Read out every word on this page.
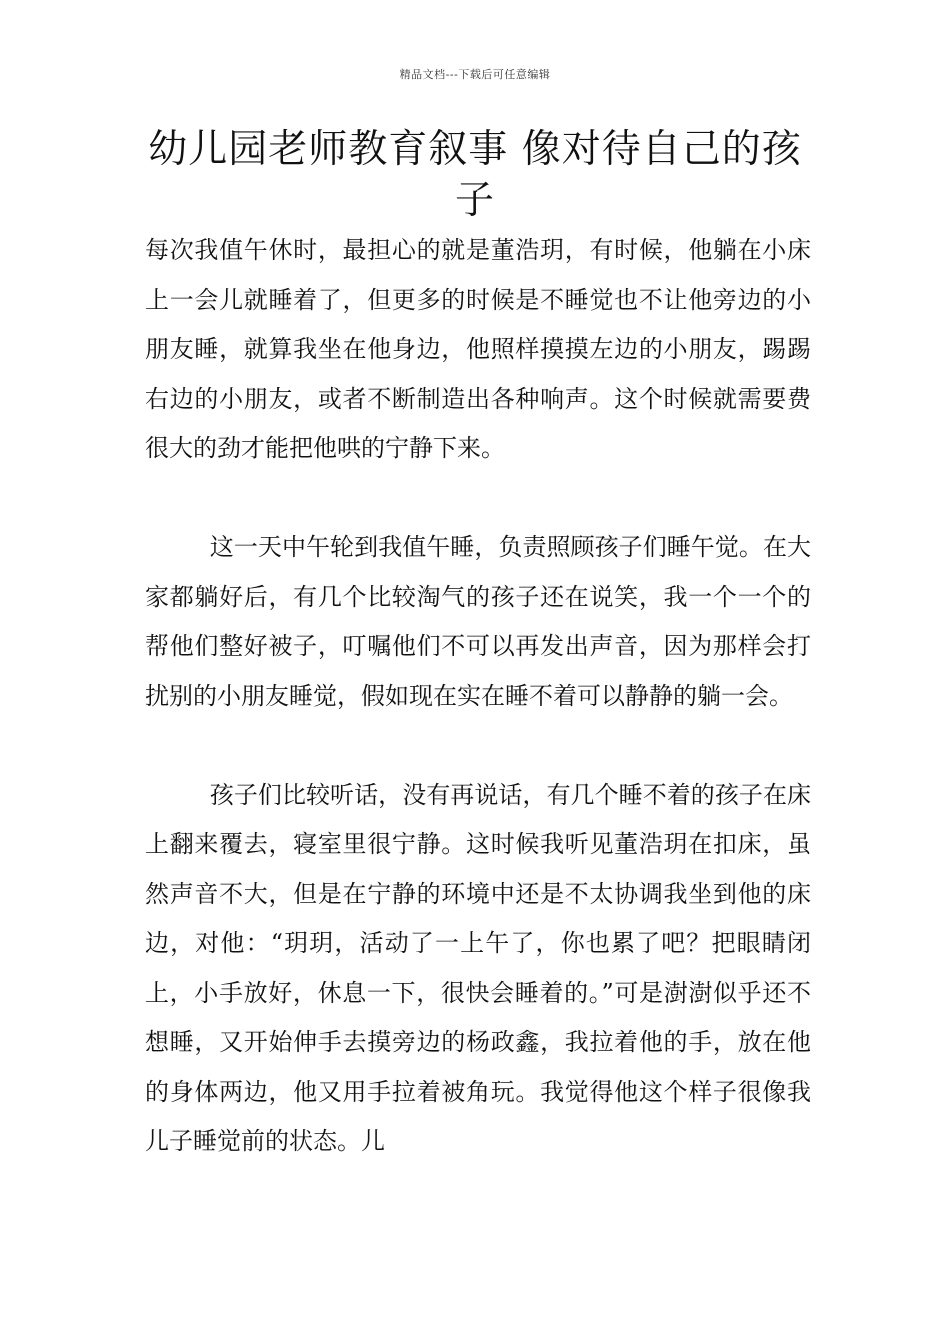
精品文档---下载后可任意编辑
幼儿园老师教育叙事 像对待自己的孩
子

每次我值午休时，最担心的就是董浩玥，有时候，他躺在小床上一会儿就睡着了，但更多的时候是不睡觉也不让他旁边的小朋友睡，就算我坐在他身边，他照样摸摸左边的小朋友，踢踢右边的小朋友，或者不断制造出各种响声。这个时候就需要费很大的劲才能把他哄的宁静下来。

这一天中午轮到我值午睡，负责照顾孩子们睡午觉。在大家都躺好后，有几个比较淘气的孩子还在说笑，我一个一个的帮他们整好被子，叮嘱他们不可以再发出声音，因为那样会打扰别的小朋友睡觉，假如现在实在睡不着可以静静的躺一会。

孩子们比较听话，没有再说话，有几个睡不着的孩子在床上翻来覆去，寝室里很宁静。这时候我听见董浩玥在扣床，虽然声音不大，但是在宁静的环境中还是不太协调我坐到他的床边，对他：“玥玥，活动了一上午了，你也累了吧？把眼睛闭上，小手放好，休息一下，很快会睡着的。”可是澍澍似乎还不想睡，又开始伸手去摸旁边的杨政鑫，我拉着他的手，放在他的身体两边，他又用手拉着被角玩。我觉得他这个样子很像我儿子睡觉前的状态。儿
